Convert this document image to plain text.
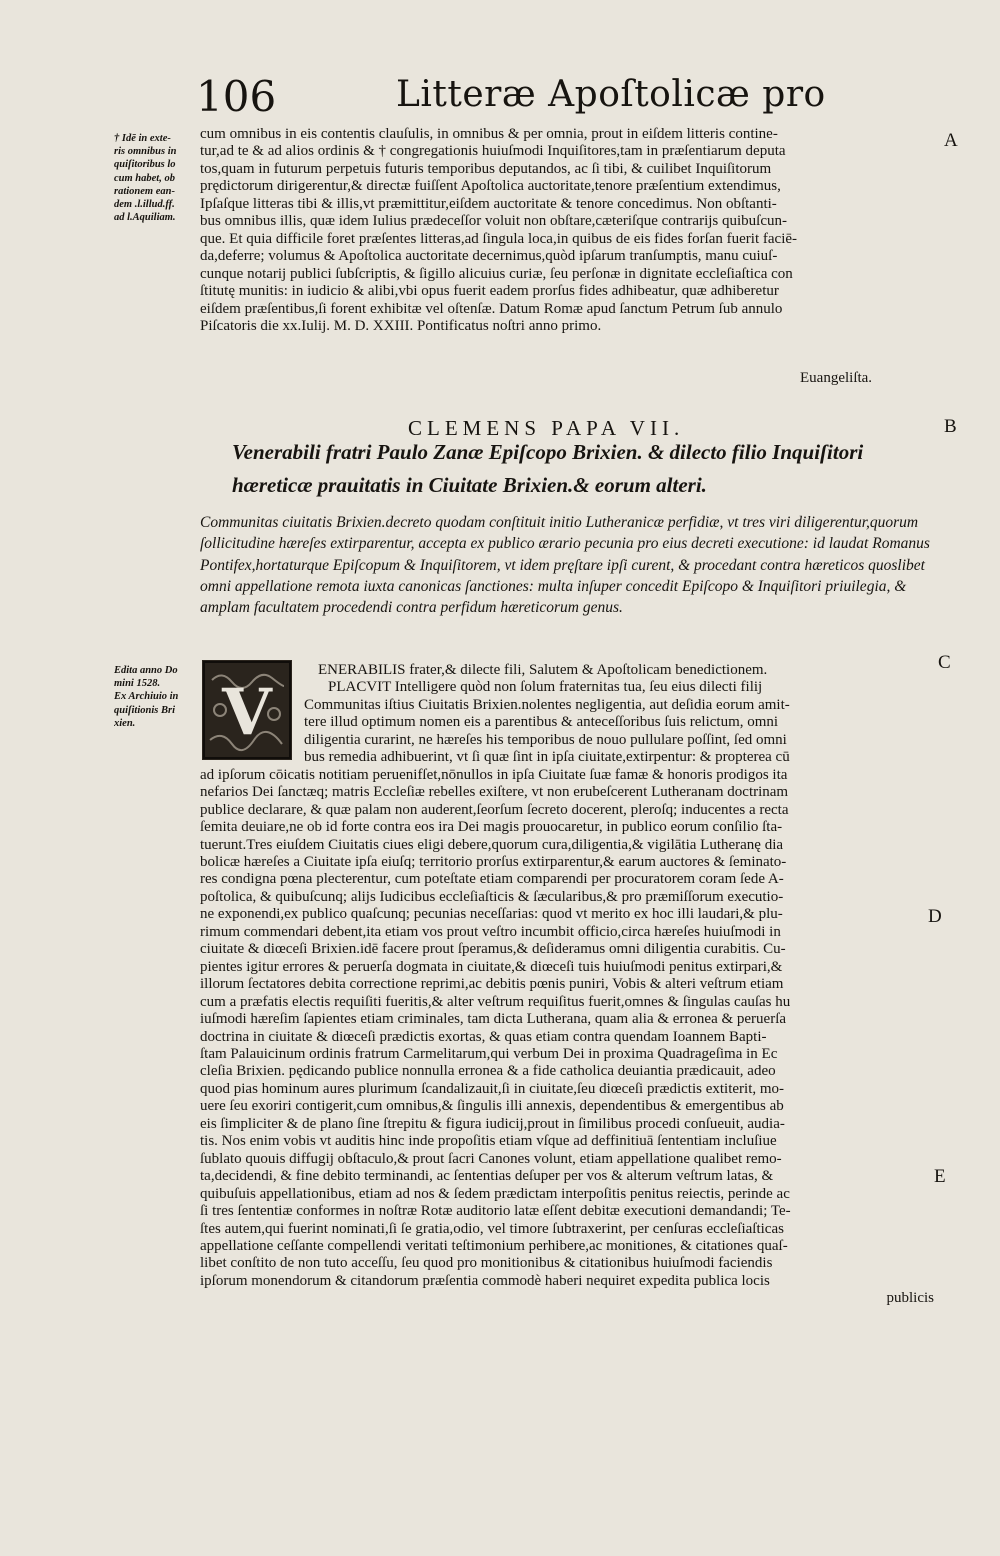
106	Litteræ Apoſtolicæ pro
† Idē in exte-
ris omnibus in
quiſitoribus lo
cum habet, ob
rationem ean-
dem .l.illud.ff.
ad l.Aquiliam.
Edita anno Do
mini 1528.
Ex Archiuio in
quiſitionis Bri
xien.
A
B
C
D
E
cum omnibus in eis contentis clauſulis, in omnibus & per omnia, prout in eiſdem litteris contine-
tur,ad te & ad alios ordinis & † congregationis huiuſmodi Inquiſitores,tam in præſentiarum deputa
tos,quam in futurum perpetuis futuris temporibus deputandos, ac ſi tibi, & cuilibet Inquiſitorum
prędictorum dirigerentur,& directæ fuiſſent Apoſtolica auctoritate,tenore præſentium extendimus,
Ipſaſque litteras tibi & illis,vt præmittitur,eiſdem auctoritate & tenore concedimus. Non obſtanti-
bus omnibus illis, quæ idem Iulius prædeceſſor voluit non obſtare,cæteriſque contrarijs quibuſcun-
que. Et quia difficile foret præſentes litteras,ad ſingula loca,in quibus de eis fides forſan fuerit faciē-
da,deferre; volumus & Apoſtolica auctoritate decernimus,quòd ipſarum tranſumptis, manu cuiuſ-
cunque notarij publici ſubſcriptis, & ſigillo alicuius curiæ, ſeu perſonæ in dignitate eccleſiaſtica con
ſtitutę munitis: in iudicio & alibi,vbi opus fuerit eadem prorſus fides adhibeatur, quæ adhiberetur
eiſdem præſentibus,ſi forent exhibitæ vel oſtenſæ. Datum Romæ apud ſanctum Petrum ſub annulo
Piſcatoris die xx.Iulij. M. D. XXIII. Pontificatus noſtri anno primo.
Euangeliſta.
CLEMENS PAPA VII.
Venerabili fratri Paulo Zanæ Epiſcopo Brixien. & dilecto filio Inquiſitori hæreticæ prauitatis in Ciuitate Brixien.& eorum alteri.
Communitas ciuitatis Brixien.decreto quodam conſtituit initio Lutheranicæ perfidiæ, vt tres viri diligerentur,quorum ſollicitudine hæreſes extirparentur, accepta ex publico ærario pecunia pro eius decreti executione: id laudat Romanus Pontifex,hortaturque Epiſcopum & Inquiſitorem, vt idem pręſtare ipſi curent, & procedant contra hæreticos quoslibet omni appellatione remota iuxta canonicas ſanctiones: multa inſuper concedit Epiſcopo & Inquiſitori priuilegia, & amplam facultatem procedendi contra perfidum hæreticorum genus.
V
ENERABILIS frater,& dilecte fili, Salutem & Apoſtolicam benedictionem.
PLACVIT Intelligere quòd non ſolum fraternitas tua, ſeu eius dilecti filij
Communitas iſtius Ciuitatis Brixien.nolentes negligentia, aut deſidia eorum amit-
tere illud optimum nomen eis a parentibus & anteceſſoribus ſuis relictum, omni
diligentia curarint, ne hæreſes his temporibus de nouo pullulare poſſint, ſed omni
bus remedia adhibuerint, vt ſi quæ ſint in ipſa ciuitate,extirpentur: & propterea cū
ad ipſorum cōicatis notitiam peruenifſet,nōnullos in ipſa Ciuitate ſuæ famæ & honoris prodigos ita
nefarios Dei ſanctæq; matris Eccleſiæ rebelles exiſtere, vt non erubeſcerent Lutheranam doctrinam
publice declarare, & quæ palam non auderent,ſeorſum ſecreto docerent, pleroſq; inducentes a recta
ſemita deuiare,ne ob id forte contra eos ira Dei magis prouocaretur, in publico eorum conſilio ſta-
tuerunt.Tres eiuſdem Ciuitatis ciues eligi debere,quorum cura,diligentia,& vigilātia Lutheranę dia
bolicæ hæreſes a Ciuitate ipſa eiuſq; territorio prorſus extirparentur,& earum auctores & ſeminato-
res condigna pœna plecterentur, cum poteſtate etiam comparendi per procuratorem coram ſede A-
poſtolica, & quibuſcunq; alijs Iudicibus eccleſiaſticis & ſæcularibus,& pro præmiſſorum executio-
ne exponendi,ex publico quaſcunq; pecunias neceſſarias: quod vt merito ex hoc illi laudari,& plu-
rimum commendari debent,ita etiam vos prout veſtro incumbit officio,circa hæreſes huiuſmodi in
ciuitate & diœceſi Brixien.idē facere prout ſperamus,& deſideramus omni diligentia curabitis. Cu-
pientes igitur errores & peruerſa dogmata in ciuitate,& diœceſi tuis huiuſmodi penitus extirpari,&
illorum ſectatores debita correctione reprimi,ac debitis pœnis puniri, Vobis & alteri veſtrum etiam
cum a præfatis electis requiſiti fueritis,& alter veſtrum requiſitus fuerit,omnes & ſingulas cauſas hu
iuſmodi hæreſim ſapientes etiam criminales, tam dicta Lutherana, quam alia & erronea & peruerſa
doctrina in ciuitate & diœceſi prædictis exortas, & quas etiam contra quendam Ioannem Bapti-
ſtam Palauicinum ordinis fratrum Carmelitarum,qui verbum Dei in proxima Quadrageſima in Ec
cleſia Brixien. pędicando publice nonnulla erronea & a fide catholica deuiantia prædicauit, adeo
quod pias hominum aures plurimum ſcandalizauit,ſi in ciuitate,ſeu diœceſi prædictis extiterit, mo-
uere ſeu exoriri contigerit,cum omnibus,& ſingulis illi annexis, dependentibus & emergentibus ab
eis ſimpliciter & de plano ſine ſtrepitu & figura iudicij,prout in ſimilibus procedi conſueuit, audia-
tis. Nos enim vobis vt auditis hinc inde propoſitis etiam vſque ad deffinitiuā ſententiam incluſiue
ſublato quouis diffugij obſtaculo,& prout ſacri Canones volunt, etiam appellatione qualibet remo-
ta,decidendi, & fine debito terminandi, ac ſententias deſuper per vos & alterum veſtrum latas, &
quibuſuis appellationibus, etiam ad nos & ſedem prædictam interpoſitis penitus reiectis, perinde ac
ſi tres ſententiæ conformes in noſtræ Rotæ auditorio latæ eſſent debitæ executioni demandandi; Te-
ſtes autem,qui fuerint nominati,ſi ſe gratia,odio, vel timore ſubtraxerint, per cenſuras eccleſiaſticas
appellatione ceſſante compellendi veritati teſtimonium perhibere,ac monitiones, & citationes quaſ-
libet conſtito de non tuto acceſſu, ſeu quod pro monitionibus & citationibus huiuſmodi faciendis
ipſorum monendorum & citandorum præſentia commodè haberi nequiret expedita publica locis
publicis
